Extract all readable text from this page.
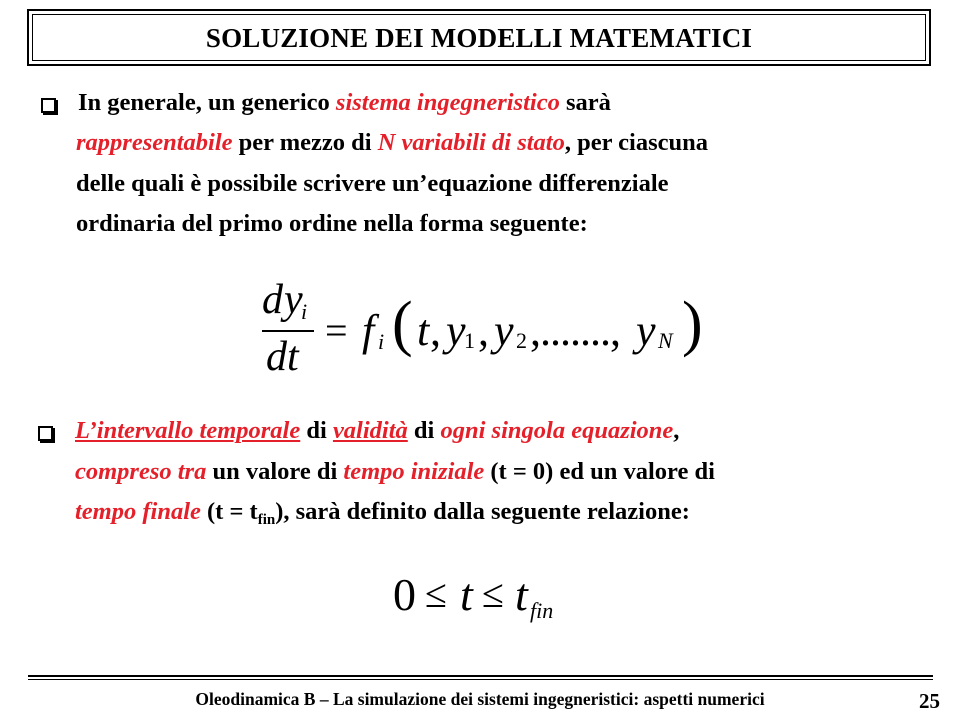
SOLUZIONE DEI MODELLI MATEMATICI
In generale, un generico sistema ingegneristico sarà
rappresentabile per mezzo di N variabili di stato, per ciascuna
delle quali è possibile scrivere un’equazione differenziale
ordinaria del primo ordine nella forma seguente:
d y
i
dt
= f i ( t , y
1 , y 2 ,......., y N )
L’intervallo temporale di validità di ogni singola equazione,
compreso tra un valore di tempo iniziale (t = 0) ed un valore di
tempo finale $(t = t_{fin})$, sarà definito dalla seguente relazione:
0 ≤ t ≤ t fin
Oleodinamica B – La simulazione dei sistemi ingegneristici: aspetti numerici	25
